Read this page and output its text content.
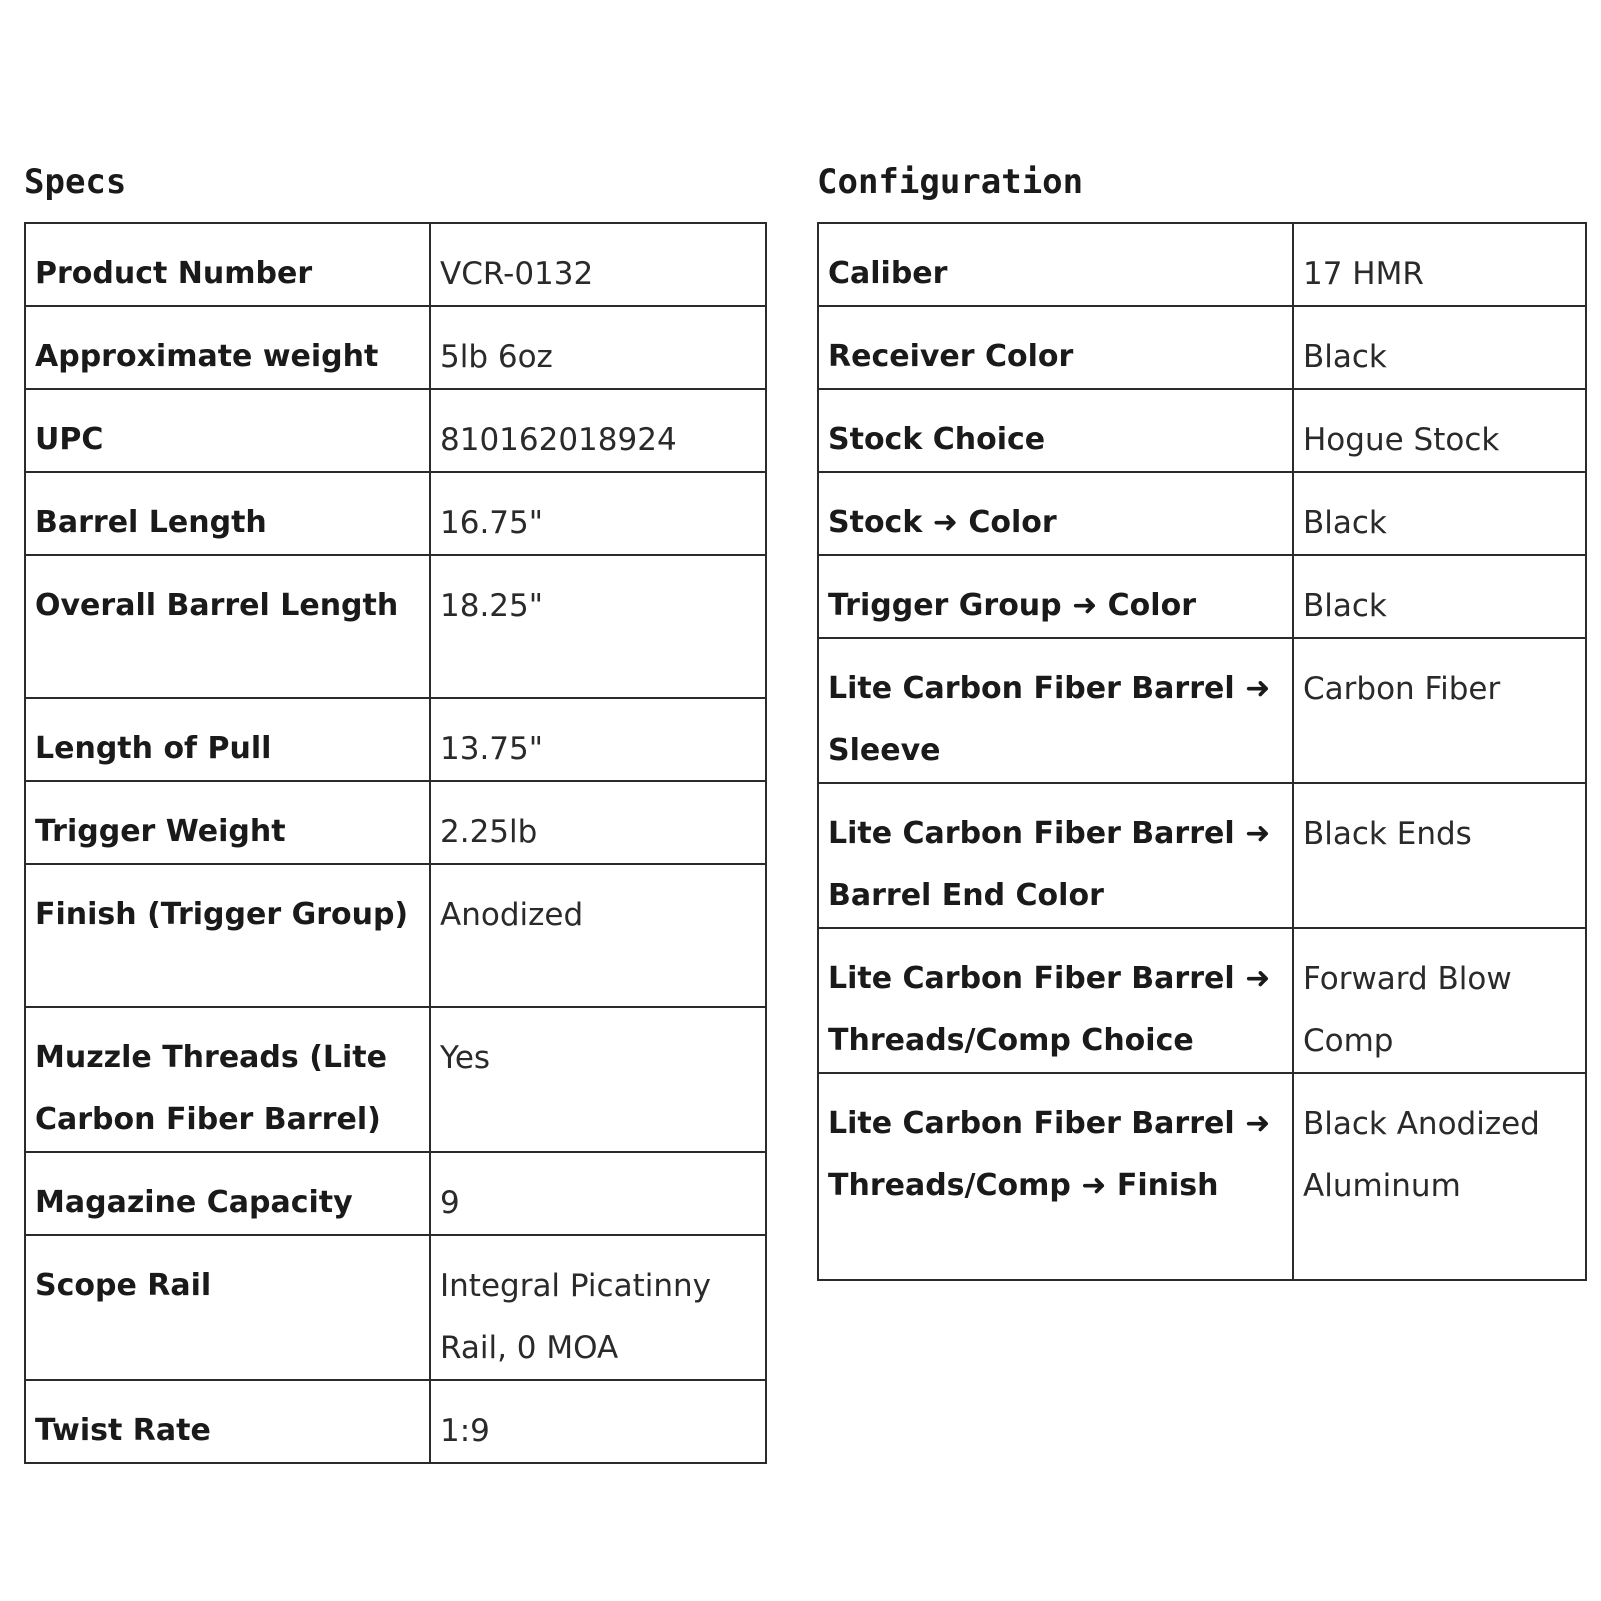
Specs
Product Number	VCR-0132
Approximate weight	5lb 6oz
UPC	810162018924
Barrel Length	16.75"
Overall Barrel Length	18.25"
Length of Pull	13.75"
Trigger Weight	2.25lb
Finish (Trigger Group)	Anodized
Muzzle Threads (Lite Carbon Fiber Barrel)	Yes
Magazine Capacity	9
Scope Rail	Integral Picatinny Rail, 0 MOA
Twist Rate	1:9
Configuration
Caliber	17 HMR
Receiver Color	Black
Stock Choice	Hogue Stock
Stock ➜ Color	Black
Trigger Group ➜ Color	Black
Lite Carbon Fiber Barrel ➜ Sleeve	Carbon Fiber
Lite Carbon Fiber Barrel ➜ Barrel End Color	Black Ends
Lite Carbon Fiber Barrel ➜ Threads/Comp Choice	Forward Blow Comp
Lite Carbon Fiber Barrel ➜ Threads/Comp ➜ Finish	Black Anodized Aluminum
